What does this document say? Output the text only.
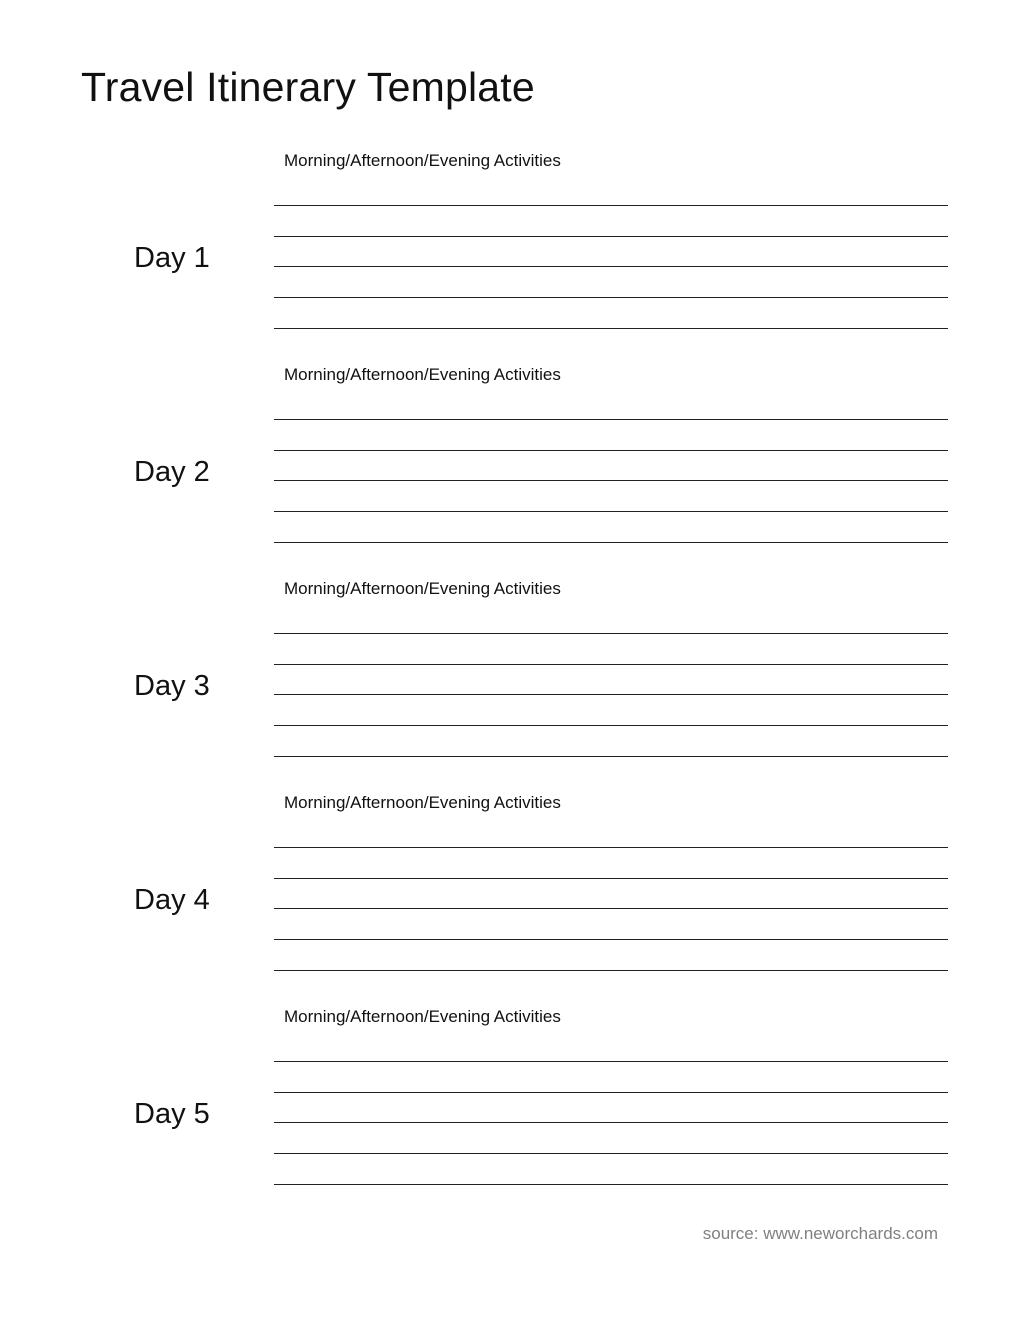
Travel Itinerary Template
Morning/Afternoon/Evening Activities
Day 1
Morning/Afternoon/Evening Activities
Day 2
Morning/Afternoon/Evening Activities
Day 3
Morning/Afternoon/Evening Activities
Day 4
Morning/Afternoon/Evening Activities
Day 5
source: www.neworchards.com
